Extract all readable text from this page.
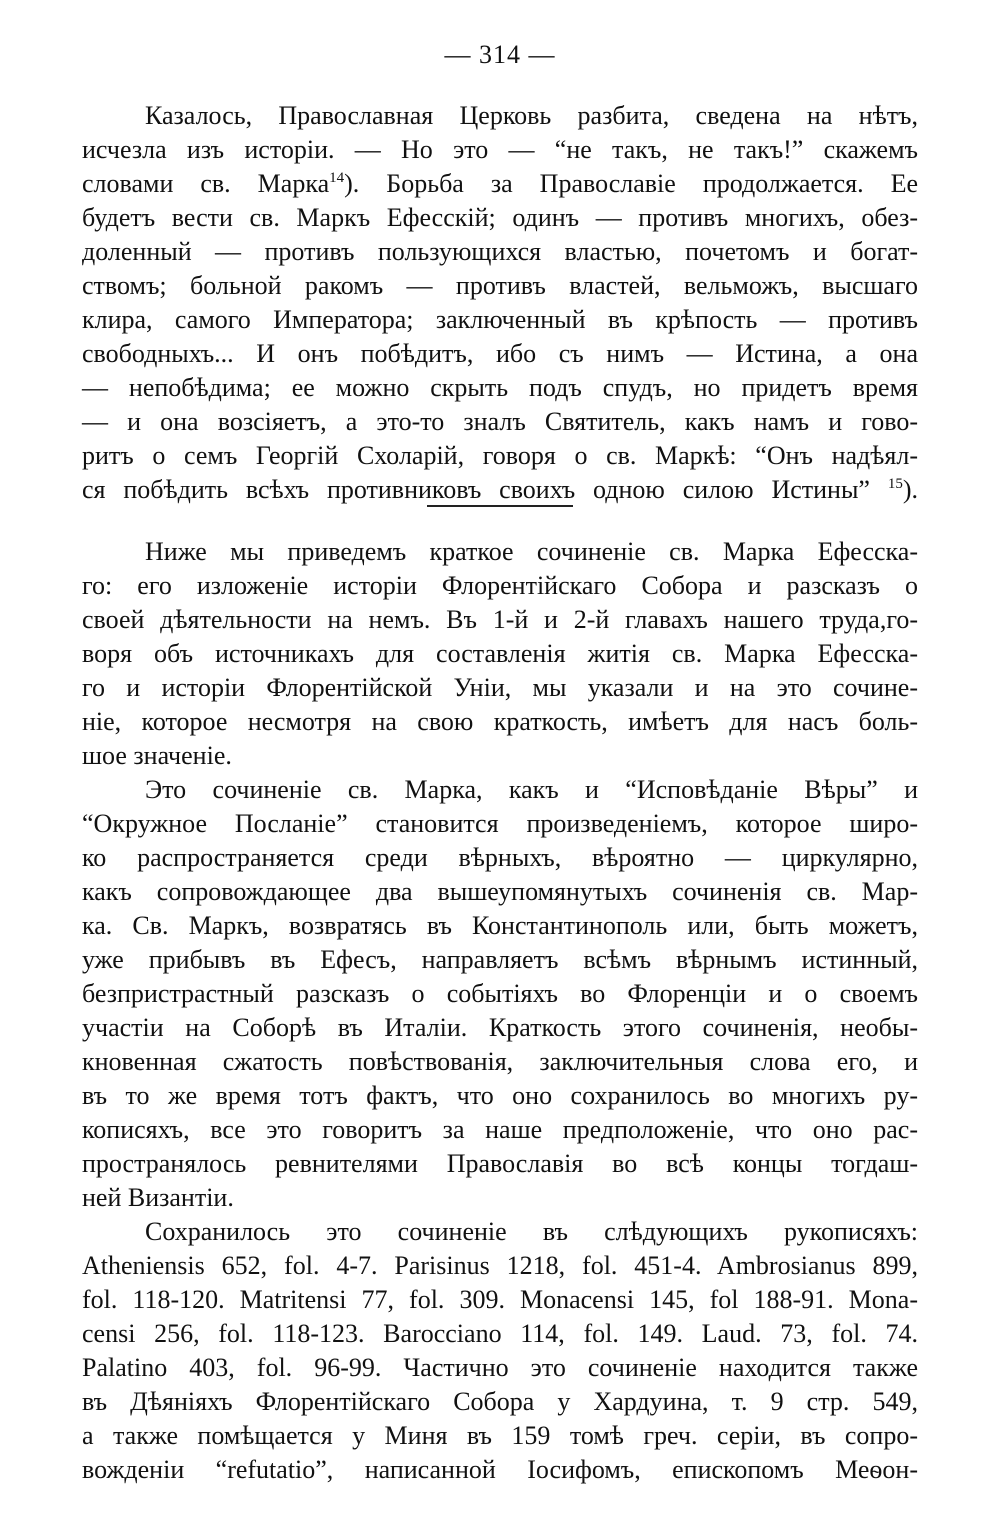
— 314 —
Казалось, Православная Церковь разбита, сведена на нѣтъ,
исчезла изъ исторіи. — Но это — “не такъ, не такъ!” скажемъ
словами св. Марка$^{14}$). Борьба за Православіе продолжается. Ее
будетъ вести св. Маркъ Ефесскій; одинъ — противъ многихъ, обез-
доленный — противъ пользующихся властью, почетомъ и богат-
ствомъ; больной ракомъ — противъ властей, вельможъ, высшаго
клира, самого Императора; заключенный въ крѣпость — противъ
свободныхъ... И онъ побѣдитъ, ибо съ нимъ — Истина, а она
— непобѣдима; ее можно скрыть подъ спудъ, но придетъ время
— и она возсіяетъ, а это-то зналъ Святитель, какъ намъ и гово-
ритъ о семъ Георгій Схоларій, говоря о св. Маркѣ: “Онъ надѣял-
ся побѣдить всѣхъ противниковъ своихъ одною силою Истины” $^{15}$).
Ниже мы приведемъ краткое сочиненіе св. Марка Ефесска-
го: его изложеніе исторіи Флорентійскаго Собора и разсказъ о
своей дѣятельности на немъ. Въ 1-й и 2-й главахъ нашего труда,го-
воря объ источникахъ для составленія житія св. Марка Ефесска-
го и исторіи Флорентійской Уніи, мы указали и на это сочине-
ніе, которое несмотря на свою краткость, имѣетъ для насъ боль-
шое значеніе.
Это сочиненіе св. Марка, какъ и “Исповѣданіе Вѣры” и
“Окружное Посланіе” становится произведеніемъ, которое широ-
ко распространяется среди вѣрныхъ, вѣроятно — циркулярно,
какъ сопровождающее два вышеупомянутыхъ сочиненія св. Мар-
ка. Св. Маркъ, возвратясь въ Константинополь или, быть можетъ,
уже прибывъ въ Ефесъ, направляетъ всѣмъ вѣрнымъ истинный,
безпристрастный разсказъ о событіяхъ во Флоренціи и о своемъ
участіи на Соборѣ въ Италіи. Краткость этого сочиненія, необы-
кновенная сжатость повѣствованія, заключительныя слова его, и
въ то же время тотъ фактъ, что оно сохранилось во многихъ ру-
кописяхъ, все это говоритъ за наше предположеніе, что оно рас-
пространялось ревнителями Православія во всѣ концы тогдаш-
ней Византіи.
Сохранилось это сочиненіе въ слѣдующихъ рукописяхъ:
Atheniensis 652, fol. 4-7. Parisinus 1218, fol. 451-4. Ambrosianus 899,
fol. 118-120. Matritensi 77, fol. 309. Monacensi 145, fol 188-91. Mona-
censi 256, fol. 118-123. Barocciano 114, fol. 149. Laud. 73, fol. 74.
Palatino 403, fol. 96-99. Частично это сочиненіе находится также
въ Дѣяніяхъ Флорентійскаго Собора у Хардуина, т. 9 стр. 549,
а также помѣщается у Миня въ 159 томѣ греч. серіи, въ сопро-
вожденіи “refutatio”, написанной Іосифомъ, епископомъ Меѳон-
